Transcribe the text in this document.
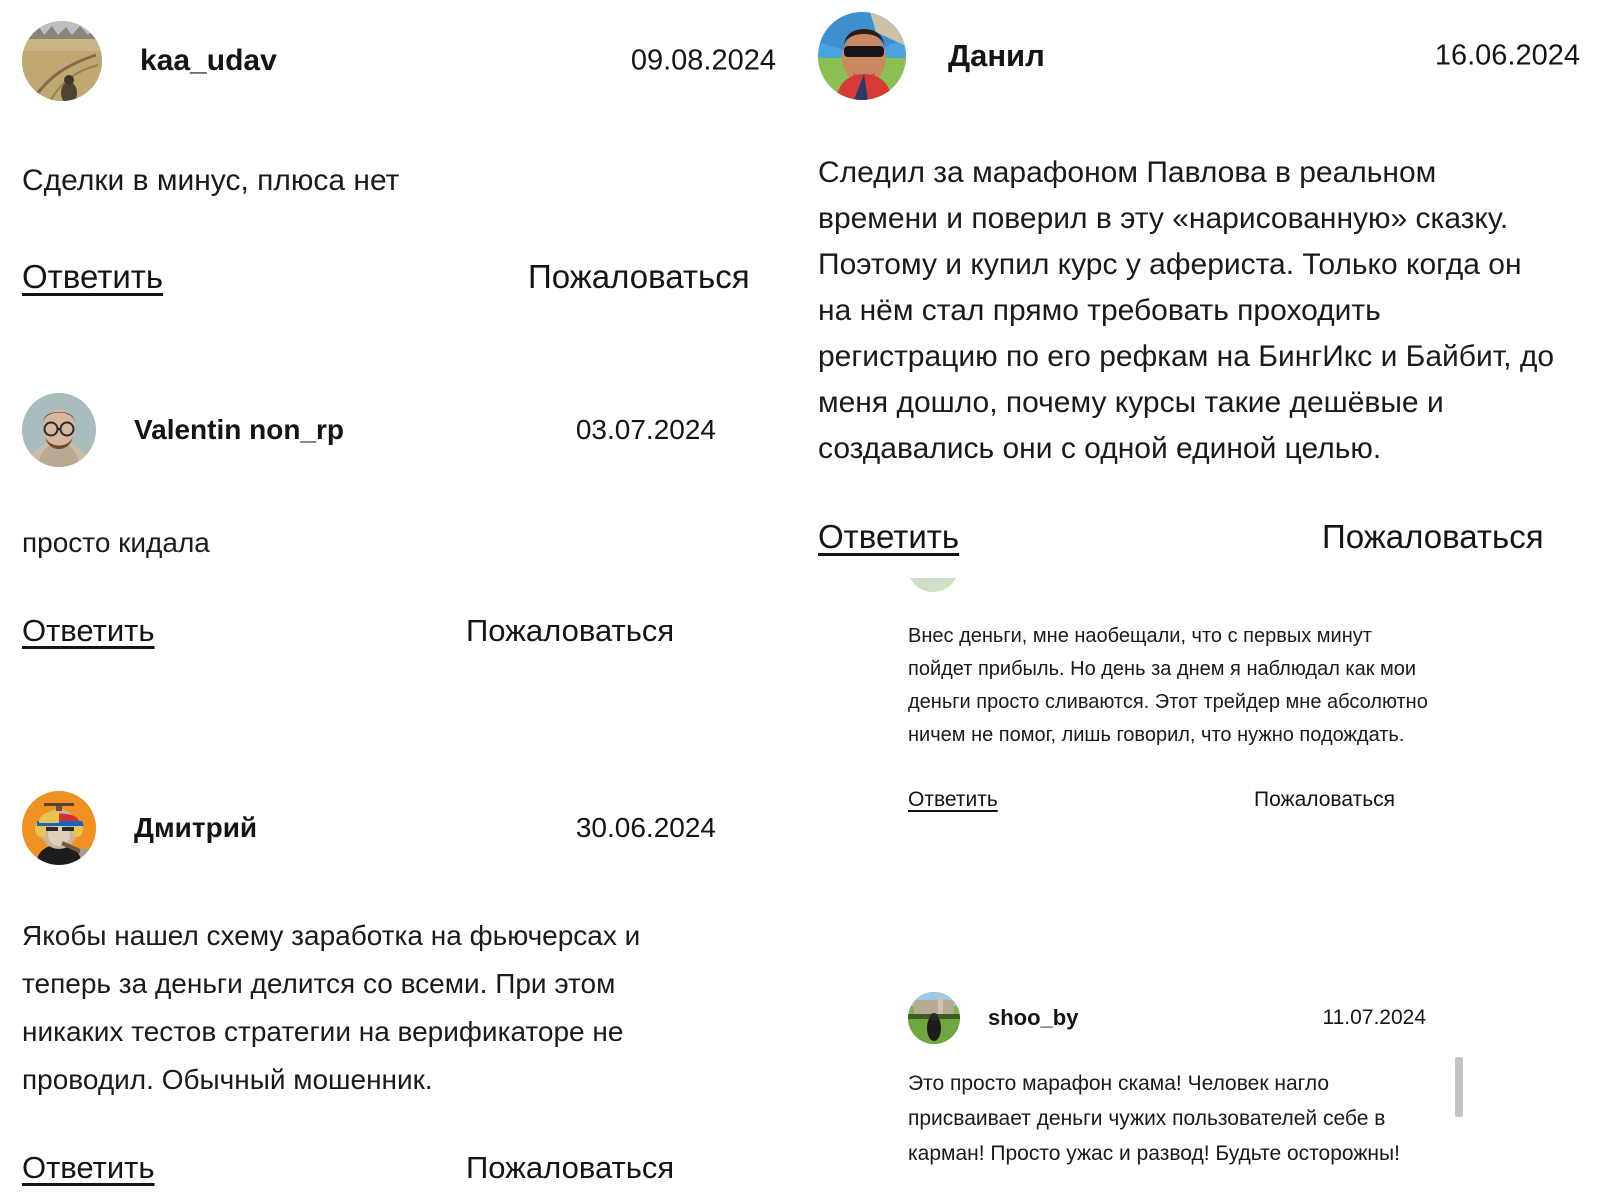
kaa_udav	09.08.2024
Сделки в минус, плюса нет
Ответить	Пожаловаться
Valentin non_rp	03.07.2024
просто кидала
Ответить	Пожаловаться
Дмитрий	30.06.2024
Якобы нашел схему заработка на фьючерсах и теперь за деньги делится со всеми. При этом никаких тестов стратегии на верификаторе не проводил. Обычный мошенник.
Ответить	Пожаловаться
Данил	16.06.2024
Следил за марафоном Павлова в реальном времени и поверил в эту «нарисованную» сказку. Поэтому и купил курс у афериста. Только когда он на нём стал прямо требовать проходить регистрацию по его рефкам на БингИкс и Байбит, до меня дошло, почему курсы такие дешёвые и создавались они с одной единой целью.
Ответить	Пожаловаться
Внес деньги, мне наобещали, что с первых минут пойдет прибыль. Но день за днем я наблюдал как мои деньги просто сливаются. Этот трейдер мне абсолютно ничем не помог, лишь говорил, что нужно подождать.
Ответить	Пожаловаться
shoo_by	11.07.2024
Это просто марафон скама! Человек нагло присваивает деньги чужих пользователей себе в карман! Просто ужас и развод! Будьте осторожны!
